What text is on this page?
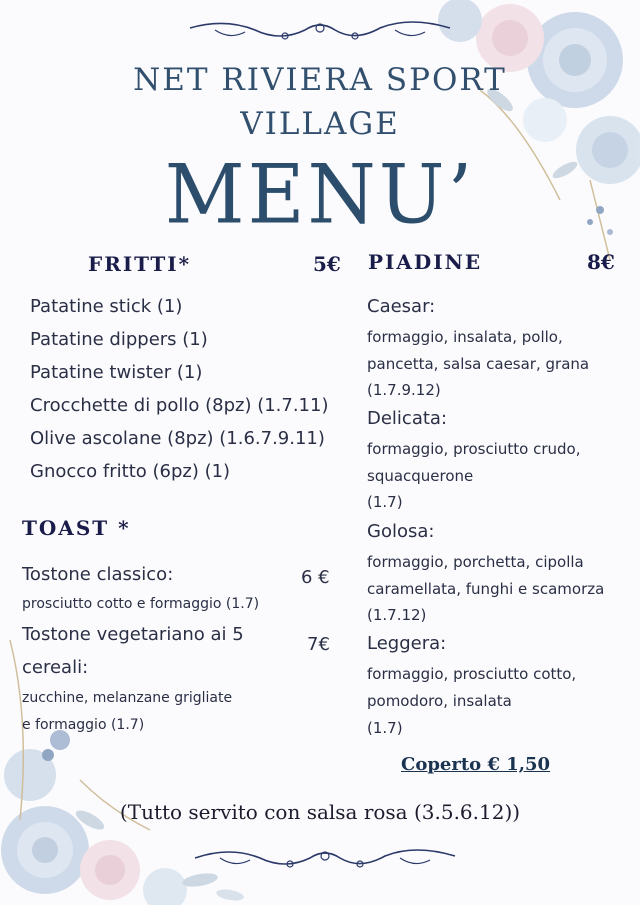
NET RIVIERA SPORT
VILLAGE
MENU’
FRITTI*	5€
Patatine stick (1)
Patatine dippers (1)
Patatine twister (1)
Crocchette di pollo (8pz) (1.7.11)
Olive ascolane (8pz) (1.6.7.9.11)
Gnocco fritto (6pz) (1)
TOAST *
Tostone classico:	6 €
prosciutto cotto e formaggio (1.7)
Tostone vegetariano ai 5	7€
cereali:
zucchine, melanzane grigliate
e formaggio (1.7)
PIADINE	8€
Caesar:
formaggio, insalata, pollo,
pancetta, salsa caesar, grana
(1.7.9.12)
Delicata:
formaggio, prosciutto crudo,
squacquerone
(1.7)
Golosa:
formaggio, porchetta, cipolla
caramellata, funghi e scamorza
(1.7.12)
Leggera:
formaggio, prosciutto cotto,
pomodoro, insalata
(1.7)
Coperto € 1,50
(Tutto servito con salsa rosa (3.5.6.12))
